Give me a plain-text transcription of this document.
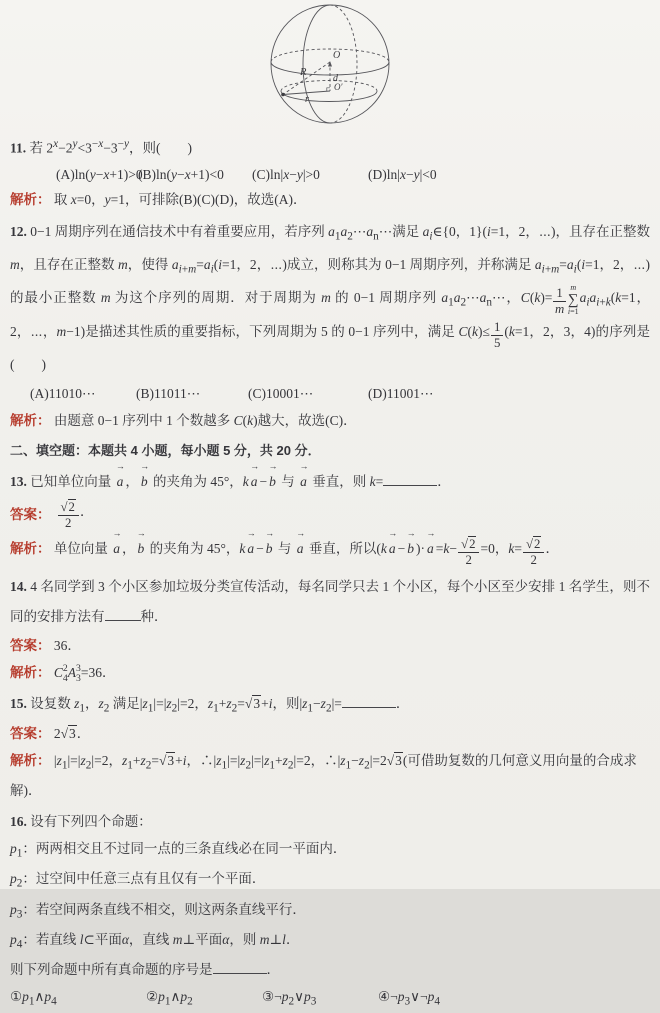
O
R
d
O′
r

11. 若 $2^x-2^y<3^{-x}-3^{-y}$，则(　　)

(A)ln(y−x+1)>0
(B)ln(y−x+1)<0	(C)ln|x−y|>0	(D)ln|x−y|<0

解析： 取 x=0，y=1，可排除(B)(C)(D)，故选(A)．

12. 0−1 周期序列在通信技术中有着重要应用，若序列 $a_1a_2\cdots a_n\cdots$满足 $a_i\in\{0$，1}(i=1，2，⋯)，且存在正整数 m，且存在正整数 m，使得 $a_{i+m}=a_i(i=1$，2，⋯)成立，则称其为 0−1 周期序列，并称满足 $a_{i+m}=a_i(i=1$，2，⋯)的最小正整数 m 为这个序列的周期．对于周期为 m 的 0−1 周期序列 $a_1a_2\cdots a_n\cdots$，$C(k)= \frac{1}{m}$ m
∑
i=1
$a_ia_{i+k}(k=1$，2，⋯，m−1)是描述其性质的重要指标，下列周期为 5 的 0−1 序列中，满足 $C(k)\le \frac{1}{5} (k=1$，2，3，4)的序列是(　　)

(A)11010⋯	(B)11011⋯	(C)10001⋯	(D)11001⋯

解析： 由题意 0−1 序列中 1 个数越多 C(k)越大，故选(C)．

二、填空题：本题共 4 小题，每小题 5 分，共 20 分．

13. 已知单位向量
→
a ，
→
b 的夹角为 45°，k
→
a −
→
b 与
→
a 垂直，则 k=	．

答案： $\frac{√2}{2}$ ．

解析： 单位向量
→
a ，
→
b 的夹角为 45°，k
→
a −
→
b 与
→
a 垂直，所以(k
→
a −
→
b )·
→
$a =k- \frac{√2}{2} =0$，$k= \frac{√2}{2}$ ．

14. 4 名同学到 3 个小区参加垃圾分类宣传活动，每名同学只去 1 个小区，每个小区至少安排 1 名学生，则不同的安排方法有	种．

答案： 36．

解析： C 2
4 A 3
3 =36．

15. 设复数 $z_1$，$z_2$ 满足$|z_1|=|z_2|=2$，$z_1+z_2=√3+i$，则$|z_1-z_2|=$	．

答案： 2√3．

解析： $|z_1|=|z_2|=2$，$z_1+z_2=√3+i$，$\therefore|z_1|=|z_2|=|z_1+z_2|=2$，$\therefore|z_1-z_2|=2√3$(可借助复数的几何意义用向量的合成求解)．

16. 设有下列四个命题：

$p_1$：两两相交且不过同一点的三条直线必在同一平面内．

$p_2$：过空间中任意三点有且仅有一个平面．

$p_3$：若空间两条直线不相交，则这两条直线平行．

$p_4$：若直线 l⊂平面α，直线 m⊥平面α，则 m⊥l．

则下列命题中所有真命题的序号是	．

$①p_1\wedge p_4$	$②p_1\wedge p_2$	$③\neg p_2\vee p_3$	$④\neg p_3\vee\neg p_4$
